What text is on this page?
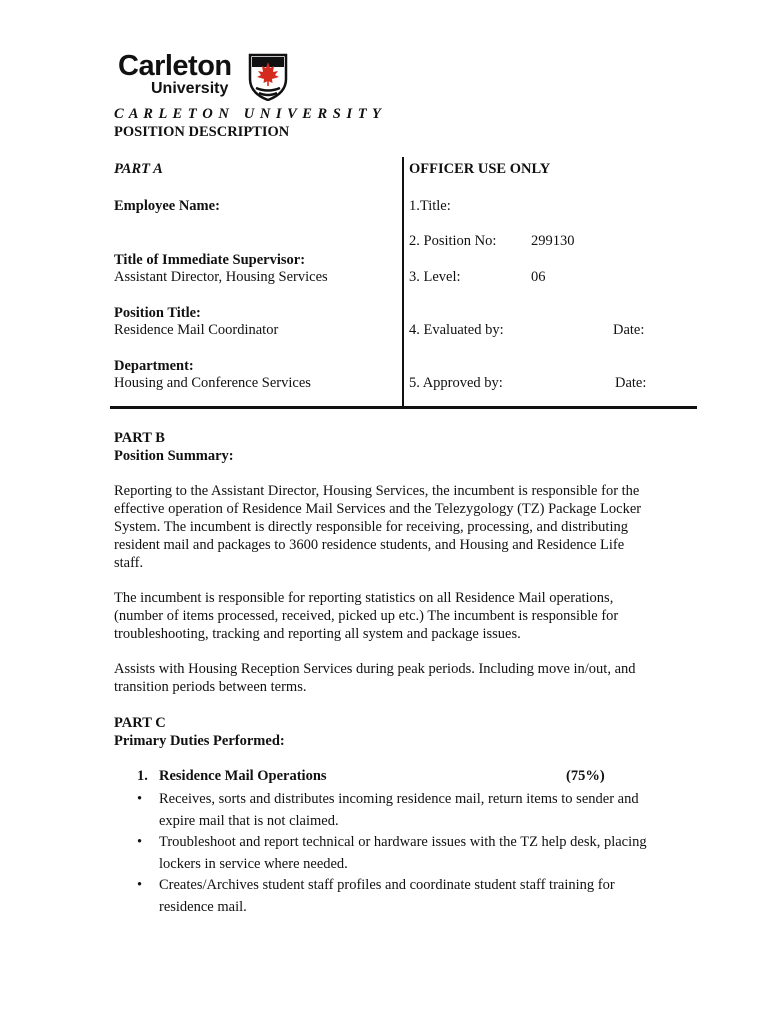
Carleton
University
C A R L E T O N   U N I V E R S I T Y
POSITION DESCRIPTION
PART A
Employee Name:
Title of Immediate Supervisor:
Assistant Director, Housing Services
Position Title:
Residence Mail Coordinator
Department:
Housing and Conference Services
OFFICER USE ONLY
1.Title:
2. Position No: 299130
3. Level:	06
4. Evaluated by:	Date:
5. Approved by:	Date:
PART B
Position Summary:
Reporting to the Assistant Director, Housing Services, the incumbent is responsible for the effective operation of Residence Mail Services and the Telezygology (TZ) Package Locker System. The incumbent is directly responsible for receiving, processing, and distributing resident mail and packages to 3600 residence students, and Housing and Residence Life staff.
The incumbent is responsible for reporting statistics on all Residence Mail operations, (number of items processed, received, picked up etc.) The incumbent is responsible for troubleshooting, tracking and reporting all system and package issues.
Assists with Housing Reception Services during peak periods. Including move in/out, and transition periods between terms.
PART C
Primary Duties Performed:
1. Residence Mail Operations	(75%)
•	Receives, sorts and distributes incoming residence mail, return items to sender and expire mail that is not claimed.
•	Troubleshoot and report technical or hardware issues with the TZ help desk, placing lockers in service where needed.
•	Creates/Archives student staff profiles and coordinate student staff training for residence mail.
